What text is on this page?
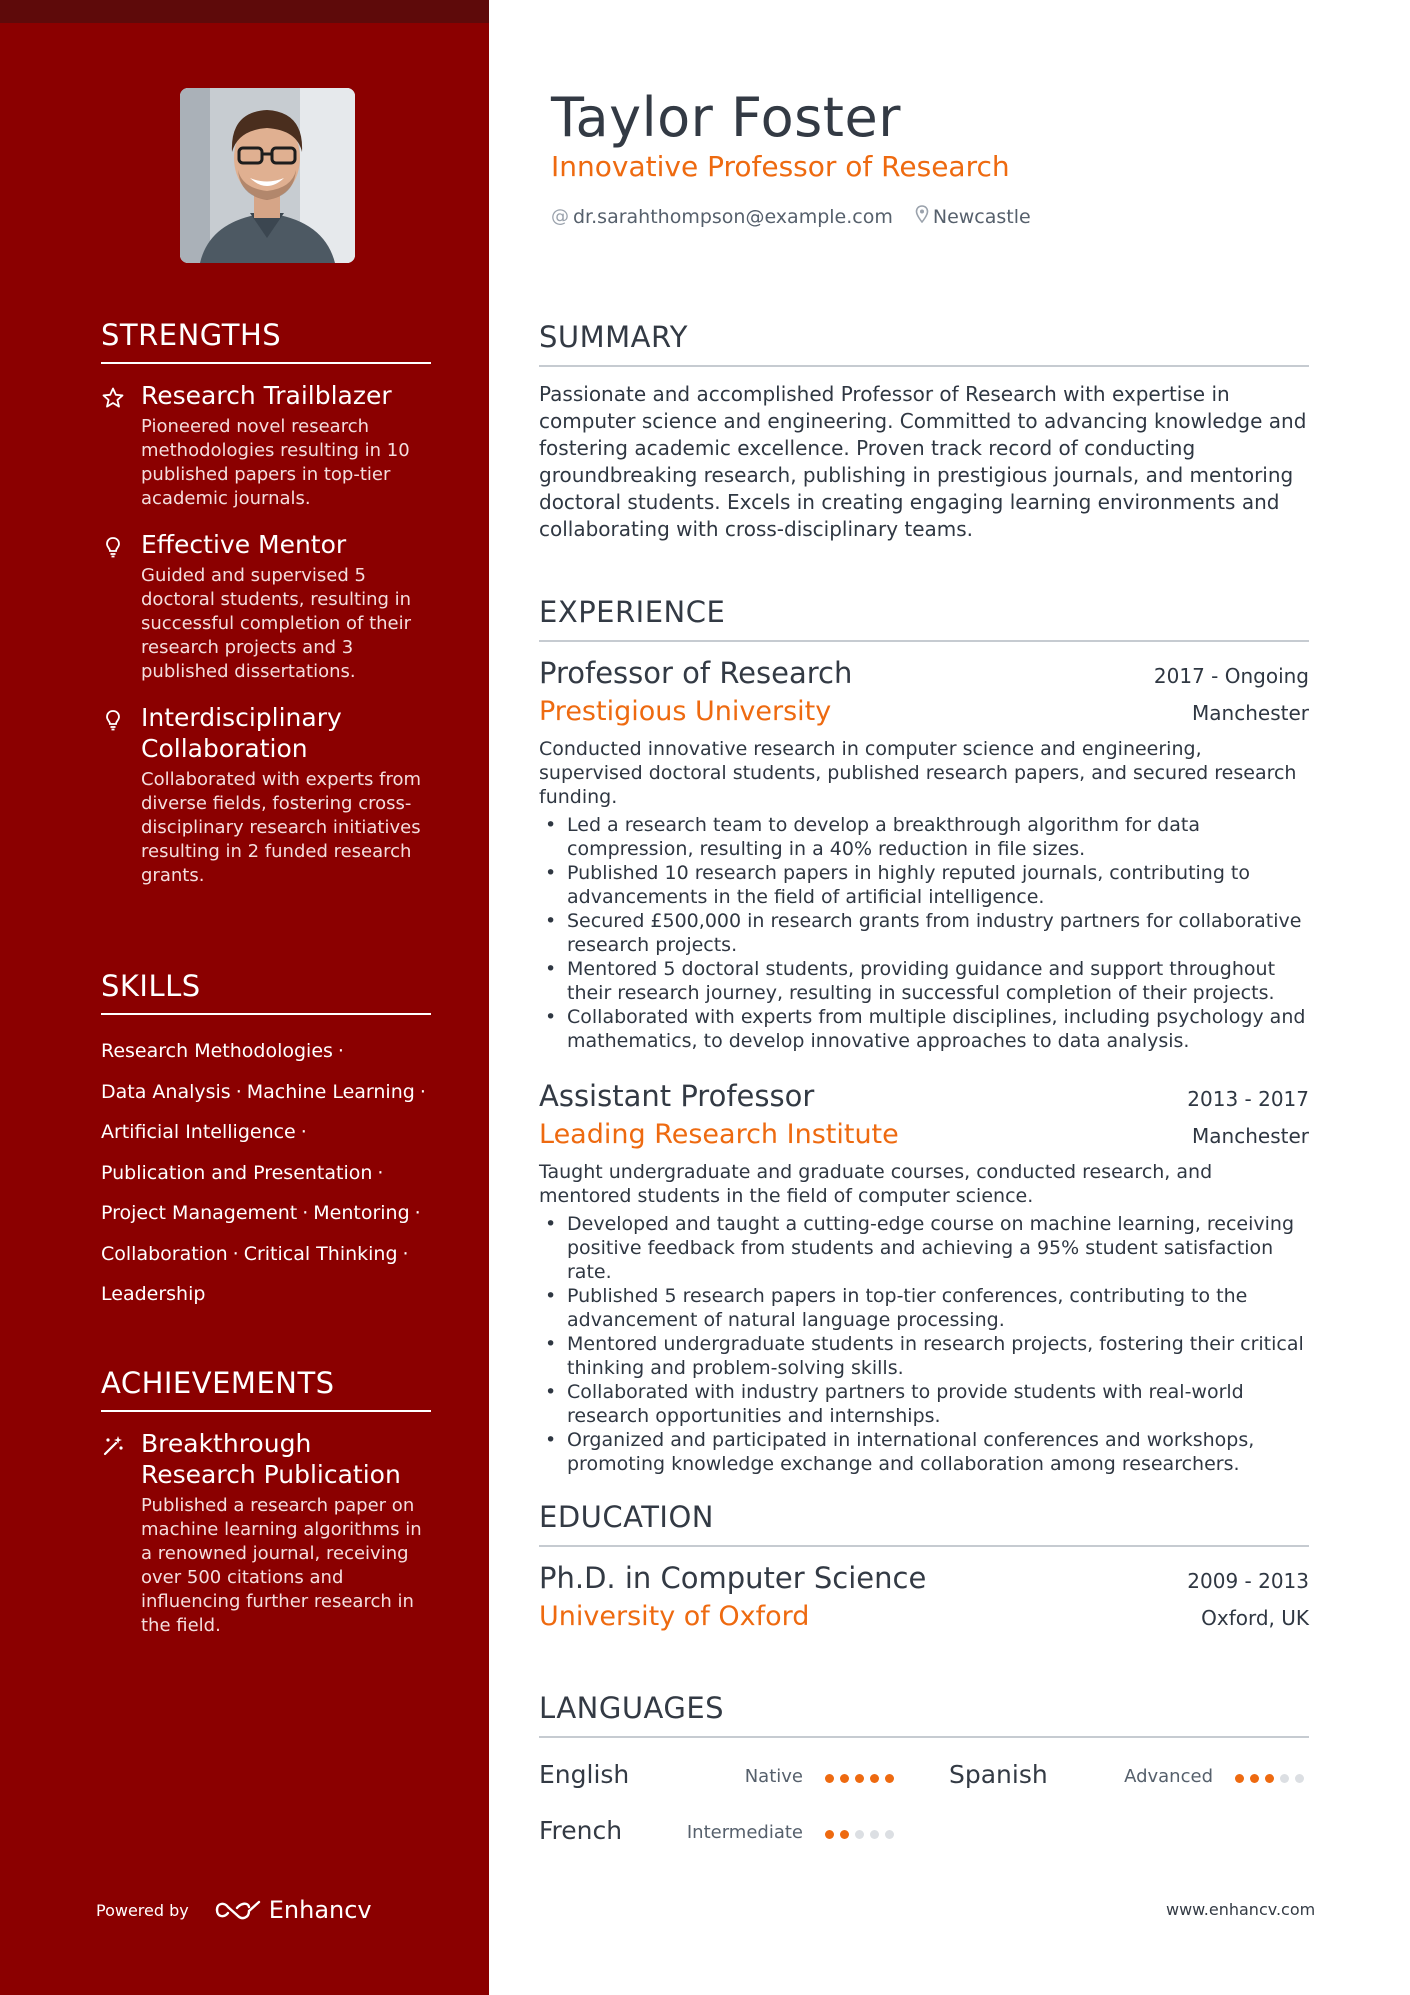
STRENGTHS
Research Trailblazer
Pioneered novel research methodologies resulting in 10 published papers in top-tier academic journals.
Effective Mentor
Guided and supervised 5 doctoral students, resulting in successful completion of their research projects and 3 published dissertations.
Interdisciplinary Collaboration
Collaborated with experts from diverse fields, fostering cross-disciplinary research initiatives resulting in 2 funded research grants.
SKILLS
Research Methodologies ·
Data Analysis · Machine Learning ·
Artificial Intelligence ·
Publication and Presentation ·
Project Management · Mentoring ·
Collaboration · Critical Thinking ·
Leadership
ACHIEVEMENTS
Breakthrough Research Publication
Published a research paper on machine learning algorithms in a renowned journal, receiving over 500 citations and influencing further research in the field.
Powered by	Enhancv
Taylor Foster
Innovative Professor of Research
@ dr.sarahthompson@example.com Newcastle
SUMMARY
Passionate and accomplished Professor of Research with expertise in computer science and engineering. Committed to advancing knowledge and fostering academic excellence. Proven track record of conducting groundbreaking research, publishing in prestigious journals, and mentoring doctoral students. Excels in creating engaging learning environments and collaborating with cross-disciplinary teams.
EXPERIENCE
Professor of Research	2017 - Ongoing
Prestigious University	Manchester
Conducted innovative research in computer science and engineering, supervised doctoral students, published research papers, and secured research funding.
• Led a research team to develop a breakthrough algorithm for data compression, resulting in a 40% reduction in file sizes.
• Published 10 research papers in highly reputed journals, contributing to advancements in the field of artificial intelligence.
• Secured £500,000 in research grants from industry partners for collaborative research projects.
• Mentored 5 doctoral students, providing guidance and support throughout their research journey, resulting in successful completion of their projects.
• Collaborated with experts from multiple disciplines, including psychology and mathematics, to develop innovative approaches to data analysis.
Assistant Professor	2013 - 2017
Leading Research Institute	Manchester
Taught undergraduate and graduate courses, conducted research, and mentored students in the field of computer science.
• Developed and taught a cutting-edge course on machine learning, receiving positive feedback from students and achieving a 95% student satisfaction rate.
• Published 5 research papers in top-tier conferences, contributing to the advancement of natural language processing.
• Mentored undergraduate students in research projects, fostering their critical thinking and problem-solving skills.
• Collaborated with industry partners to provide students with real-world research opportunities and internships.
• Organized and participated in international conferences and workshops, promoting knowledge exchange and collaboration among researchers.
EDUCATION
Ph.D. in Computer Science	2009 - 2013
University of Oxford	Oxford, UK
LANGUAGES
English	Native	Spanish	Advanced
French	Intermediate
www.enhancv.com
